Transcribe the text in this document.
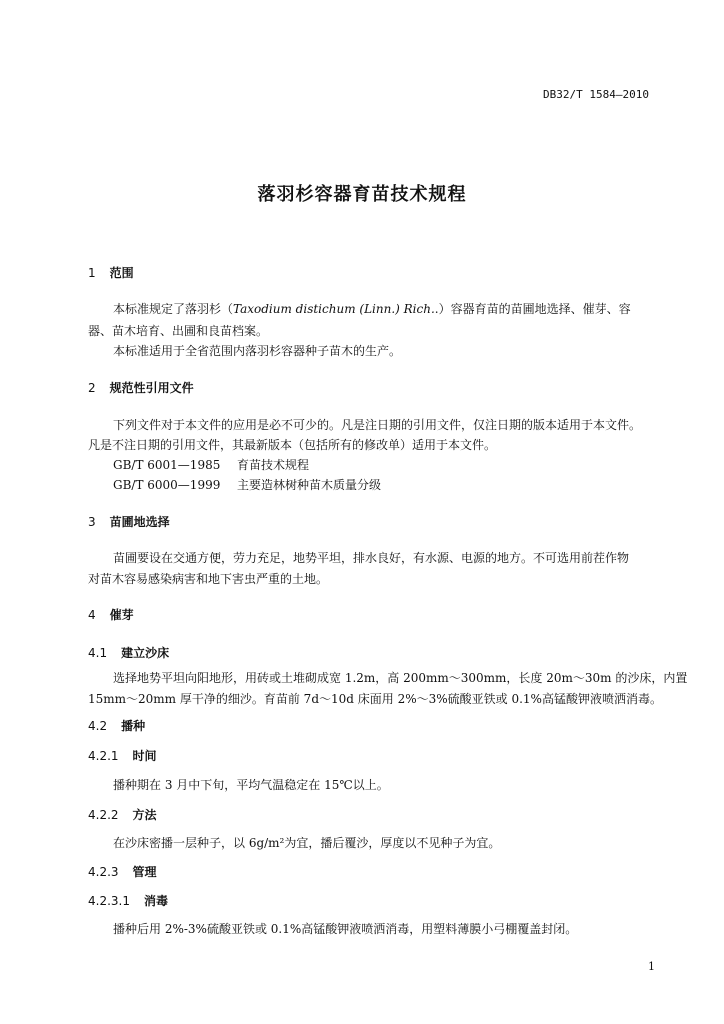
DB32/T 1584—2010
落羽杉容器育苗技术规程
1 范围
本标准规定了落羽杉（Taxodium distichum (Linn.) Rich..）容器育苗的苗圃地选择、催芽、容
器、苗木培育、出圃和良苗档案。
本标准适用于全省范围内落羽杉容器种子苗木的生产。
2 规范性引用文件
下列文件对于本文件的应用是必不可少的。凡是注日期的引用文件，仅注日期的版本适用于本文件。
凡是不注日期的引用文件，其最新版本（包括所有的修改单）适用于本文件。
GB/T 6001—1985 育苗技术规程
GB/T 6000—1999 主要造林树种苗木质量分级
3 苗圃地选择
苗圃要设在交通方便，劳力充足，地势平坦，排水良好，有水源、电源的地方。不可选用前茬作物
对苗木容易感染病害和地下害虫严重的土地。
4 催芽
4.1 建立沙床
选择地势平坦向阳地形，用砖或土堆砌成宽 1.2m，高 200mm～300mm，长度 20m～30m 的沙床，内置
15mm～20mm 厚干净的细沙。育苗前 7d～10d 床面用 2%～3%硫酸亚铁或 0.1%高锰酸钾液喷洒消毒。
4.2 播种
4.2.1 时间
播种期在 3 月中下旬，平均气温稳定在 15℃以上。
4.2.2 方法
在沙床密播一层种子，以 6g/m²为宜，播后覆沙，厚度以不见种子为宜。
4.2.3 管理
4.2.3.1 消毒
播种后用 2%-3%硫酸亚铁或 0.1%高锰酸钾液喷洒消毒，用塑料薄膜小弓棚覆盖封闭。
1
